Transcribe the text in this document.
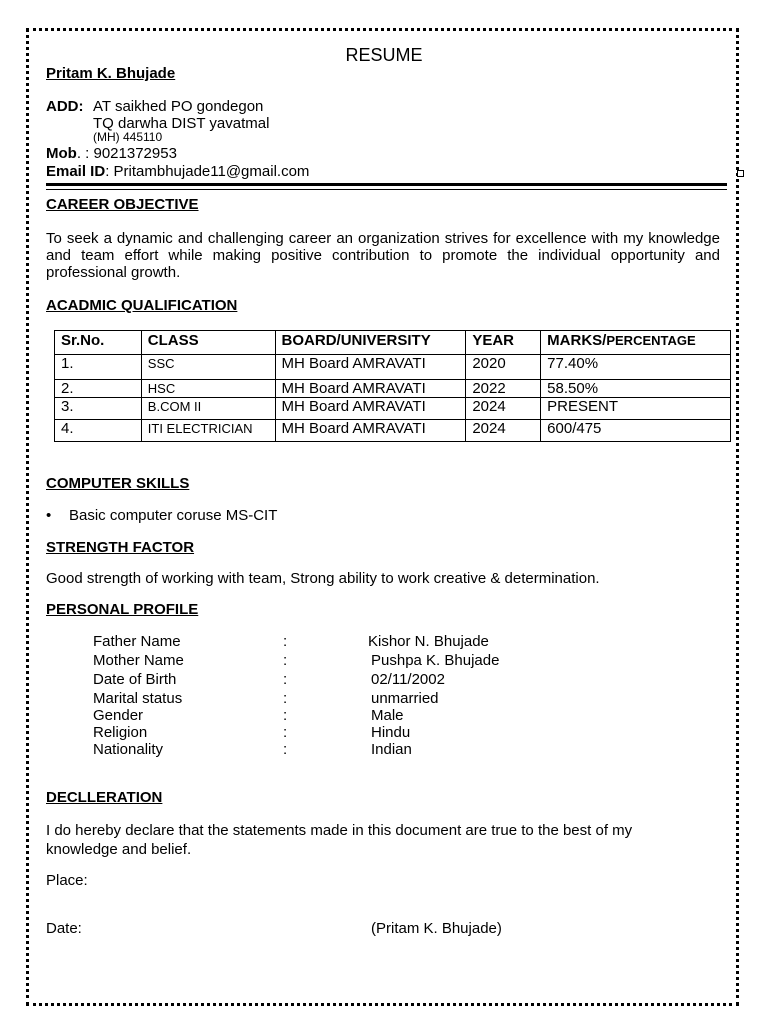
RESUME
Pritam K. Bhujade
ADD: AT saikhed PO gondegon
TQ darwha DIST yavatmal
(MH) 445110
Mob. : 9021372953
Email ID: Pritambhujade11@gmail.com
CAREER OBJECTIVE
To seek a dynamic and challenging career an organization strives for excellence with my knowledge and team effort while making positive contribution to promote the individual opportunity and professional growth.
ACADMIC QUALIFICATION
Sr.No.	CLASS	BOARD/UNIVERSITY	YEAR	MARKS/PERCENTAGE
1.	SSC	MH Board AMRAVATI	2020	77.40%
2.	HSC	MH Board AMRAVATI	2022	58.50%
3.	B.COM II	MH Board AMRAVATI	2024	PRESENT
4.	ITI ELECTRICIAN	MH Board AMRAVATI	2024	600/475
COMPUTER SKILLS
• Basic computer coruse MS-CIT
STRENGTH FACTOR
Good strength of working with team, Strong ability to work creative & determination.
PERSONAL PROFILE
Father Name	:	Kishor N. Bhujade
Mother Name	:	Pushpa K. Bhujade
Date of Birth	:	02/11/2002
Marital status	:	unmarried
Gender	:	Male
Religion	:	Hindu
Nationality	:	Indian
DECLLERATION
I do hereby declare that the statements made in this document are true to the best of my knowledge and belief.
Place:
Date:	(Pritam K. Bhujade)
